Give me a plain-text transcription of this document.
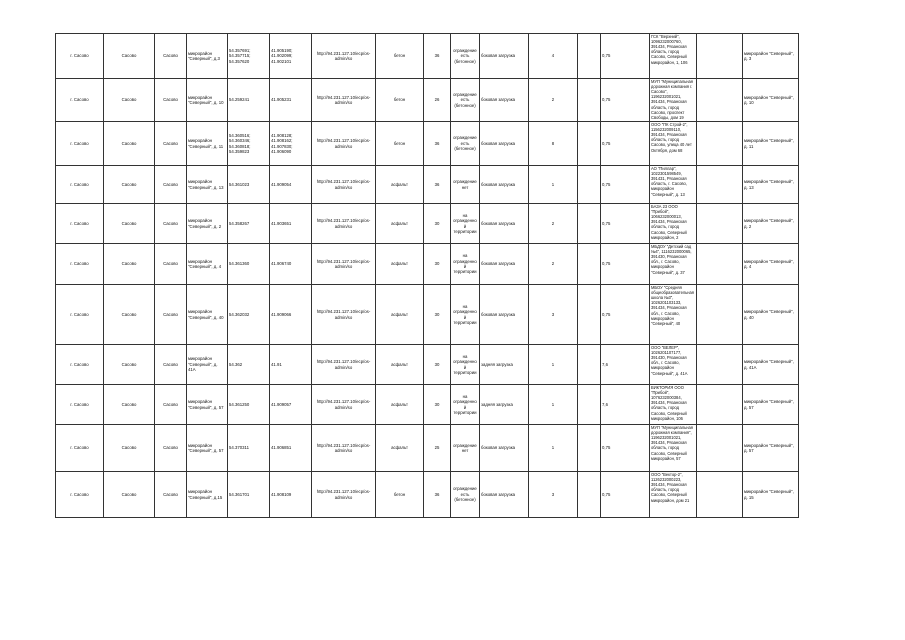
г. Сасово	Сасово	Сасово	микрорайон "Северный", д.3	54.357691; 54.357715; 54.357620	41.905190; 41.902099; 41.902101	http://94.231.127.10/ecp/os-admin/so	бетон	36	ограждение есть (бетонное)	боковая загрузка	4		0,75	ГСК "Верхний", 1096232000760, 391434, Рязанская область, город Сасово, Северный микрорайон, 1, 106		микрорайон "Северный", д. 3

г. Сасово	Сасово	Сасово	микрорайон "Северный", д. 10	54.259241	41.905231	http://94.231.127.10/ecp/os-admin/so	бетон	26	ограждение есть (бетонное)	боковая загрузка	2		0,75	МУП "Муниципальная дорожная компания г. Сасово", 1196232001021, 391434, Рязанская область, город Сасово, проспект Свободы, дом 19		микрорайон "Северный", д. 10

г. Сасово	Сасово	Сасово	микрорайон "Северный", д. 11	54.360516; 54.360346; 54.360818; 54.359823	41.908128; 41.908162; 41.907830; 41.906090	http://94.231.127.10/ecp/os-admin/so	бетон	36	ограждение есть (бетонное)	боковая загрузка	8		0,75	ООО "ПК Строй-2", 1156232009110, 391434, Рязанская область, город Сасово, улица 40 лет Октября, дом 68		микрорайон "Северный", д. 11

г. Сасово	Сасово	Сасово	микрорайон "Северный", д. 13	54.361023	41.909054	http://94.231.127.10/ecp/os-admin/so	асфальт	36	ограждение нет	боковая загрузка	1		0,75	АО "Пиллар", 1022301598549, 391431, Рязанская область, г. Сасово, микрорайон "Северный", д. 13		микрорайон "Северный", д. 13

г. Сасово	Сасово	Сасово	микрорайон "Северный", д. 2	54.358267	41.903651	http://94.231.127.10/ecp/os-admin/so	асфальт	30	на огражденной территории	боковая загрузка	2		0,75	БАЗА 23 ООО "Прибой", 1066232000013, 391434, Рязанская область, город Сасово, Северный микрорайон, 2		микрорайон "Северный", д. 2

г. Сасово	Сасово	Сасово	микрорайон "Северный", д. 4	54.361360	41.906740	http://94.231.127.10/ecp/os-admin/so	асфальт	30	на огражденной территории	боковая загрузка	2		0,75	МБДОУ "Детский сад №4", 1116232000065, 391430, Рязанская обл., г. Сасово, микрорайон "Северный", д. 37		микрорайон "Северный", д. 4

г. Сасово	Сасово	Сасово	микрорайон "Северный", д. 40	54.362032	41.909066	http://94.231.127.10/ecp/os-admin/so	асфальт	30	на огражденной территории	боковая загрузка	3		0,75	МБОУ "Средняя общеобразовательная школа №3", 1026201103133, 391434, Рязанская обл., г. Сасово, микрорайон "Северный", 40		микрорайон "Северный", д. 40

г. Сасово	Сасово	Сасово	микрорайон "Северный", д. 41А	54.362	41.91	http://94.231.127.10/ecp/os-admin/so	асфальт	30	на огражденной территории	задняя загрузка	1		7,6	ООО "ВЕЛЕР", 1026201107177, 391430, Рязанская обл., г. Сасово, микрорайон "Северный", д. 41А		микрорайон "Северный", д. 41А

г. Сасово	Сасово	Сасово	микрорайон "Северный", д. 57	54.361250	41.909057	http://94.231.127.10/ecp/os-admin/so	асфальт	30	на огражденной территории	задняя загрузка	1		7,6	ВИКТОРИЯ ООО "Прибой", 1076232000384, 391434, Рязанская область, город Сасово, Северный микрорайон, 106		микрорайон "Северный", д. 57

г. Сасово	Сасово	Сасово	микрорайон "Северный", д. 57	54.370311	41.906851	http://94.231.127.10/ecp/os-admin/so	асфальт	25	ограждение нет	боковая загрузка	1		0,75	МУП "Муниципальная дорожная компания", 1196232001021, 391434, Рязанская область, город Сасово, Северный микрорайон, 57		микрорайон "Северный", д. 57

г. Сасово	Сасово	Сасово	микрорайон "Северный", д.15	54.361701	41.908109	http://94.231.127.10/ecp/os-admin/so	бетон	36	ограждение есть (бетонное)	боковая загрузка	3		0,75	ООО "Вектор-2", 1126232000223, 391434, Рязанская область, город Сасово, Северный микрорайон, дом 21		микрорайон "Северный", д. 15
